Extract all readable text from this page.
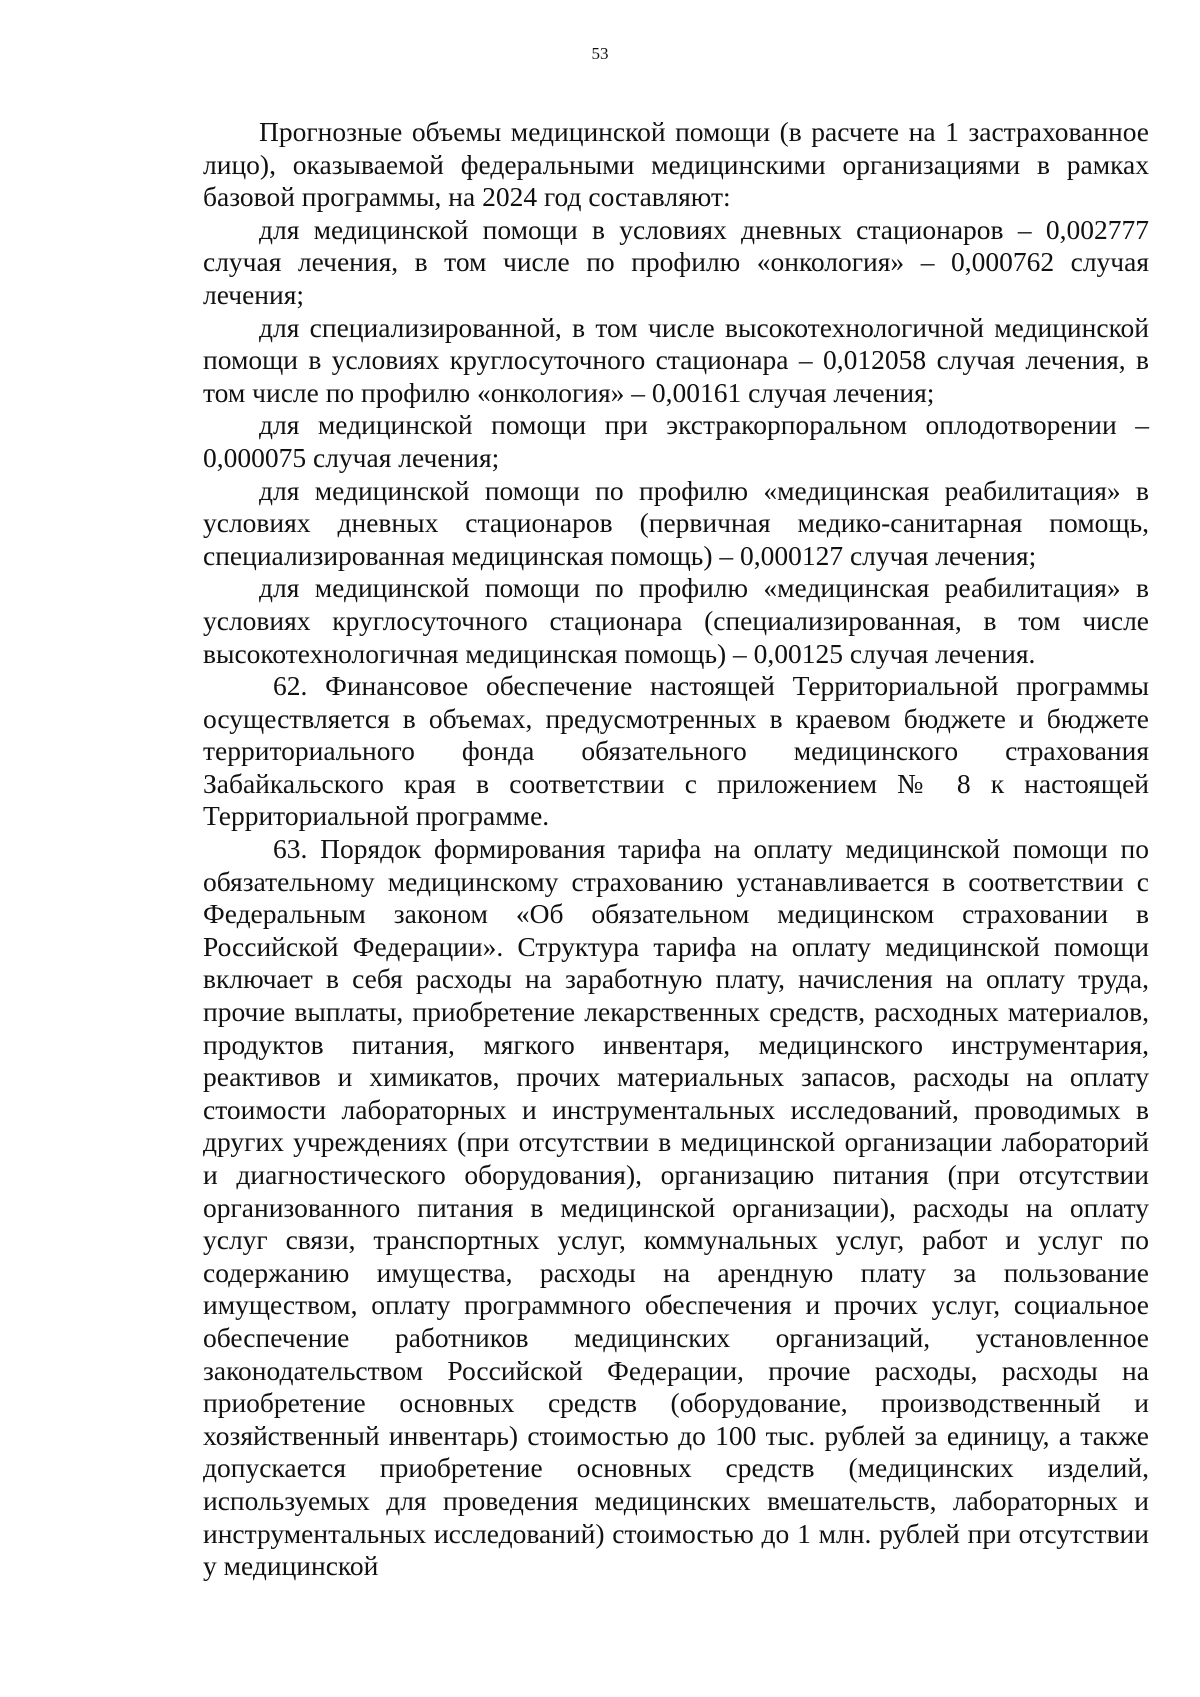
53

Прогнозные объемы медицинской помощи (в расчете на 1 застрахованное лицо), оказываемой федеральными медицинскими организациями в рамках базовой программы, на 2024 год составляют:

для медицинской помощи в условиях дневных стационаров – 0,002777 случая лечения, в том числе по профилю «онкология» – 0,000762 случая лечения;

для специализированной, в том числе высокотехнологичной медицинской помощи в условиях круглосуточного стационара – 0,012058 случая лечения, в том числе по профилю «онкология» – 0,00161 случая лечения;

для медицинской помощи при экстракорпоральном оплодотворении – 0,000075 случая лечения;

для медицинской помощи по профилю «медицинская реабилитация» в условиях дневных стационаров (первичная медико-санитарная помощь, специализированная медицинская помощь) – 0,000127 случая лечения;

для медицинской помощи по профилю «медицинская реабилитация» в условиях круглосуточного стационара (специализированная, в том числе высокотехнологичная медицинская помощь) – 0,00125 случая лечения.

62. Финансовое обеспечение настоящей Территориальной программы осуществляется в объемах, предусмотренных в краевом бюджете и бюджете территориального фонда обязательного медицинского страхования Забайкальского края в соответствии с приложением № 8 к настоящей Территориальной программе.

63. Порядок формирования тарифа на оплату медицинской помощи по обязательному медицинскому страхованию устанавливается в соответствии с Федеральным законом «Об обязательном медицинском страховании в Российской Федерации». Структура тарифа на оплату медицинской помощи включает в себя расходы на заработную плату, начисления на оплату труда, прочие выплаты, приобретение лекарственных средств, расходных материалов, продуктов питания, мягкого инвентаря, медицинского инструментария, реактивов и химикатов, прочих материальных запасов, расходы на оплату стоимости лабораторных и инструментальных исследований, проводимых в других учреждениях (при отсутствии в медицинской организации лабораторий и диагностического оборудования), организацию питания (при отсутствии организованного питания в медицинской организации), расходы на оплату услуг связи, транспортных услуг, коммунальных услуг, работ и услуг по содержанию имущества, расходы на арендную плату за пользование имуществом, оплату программного обеспечения и прочих услуг, социальное обеспечение работников медицинских организаций, установленное законодательством Российской Федерации, прочие расходы, расходы на приобретение основных средств (оборудование, производственный и хозяйственный инвентарь) стоимостью до 100 тыс. рублей за единицу, а также допускается приобретение основных средств (медицинских изделий, используемых для проведения медицинских вмешательств, лабораторных и инструментальных исследований) стоимостью до 1 млн. рублей при отсутствии у медицинской
